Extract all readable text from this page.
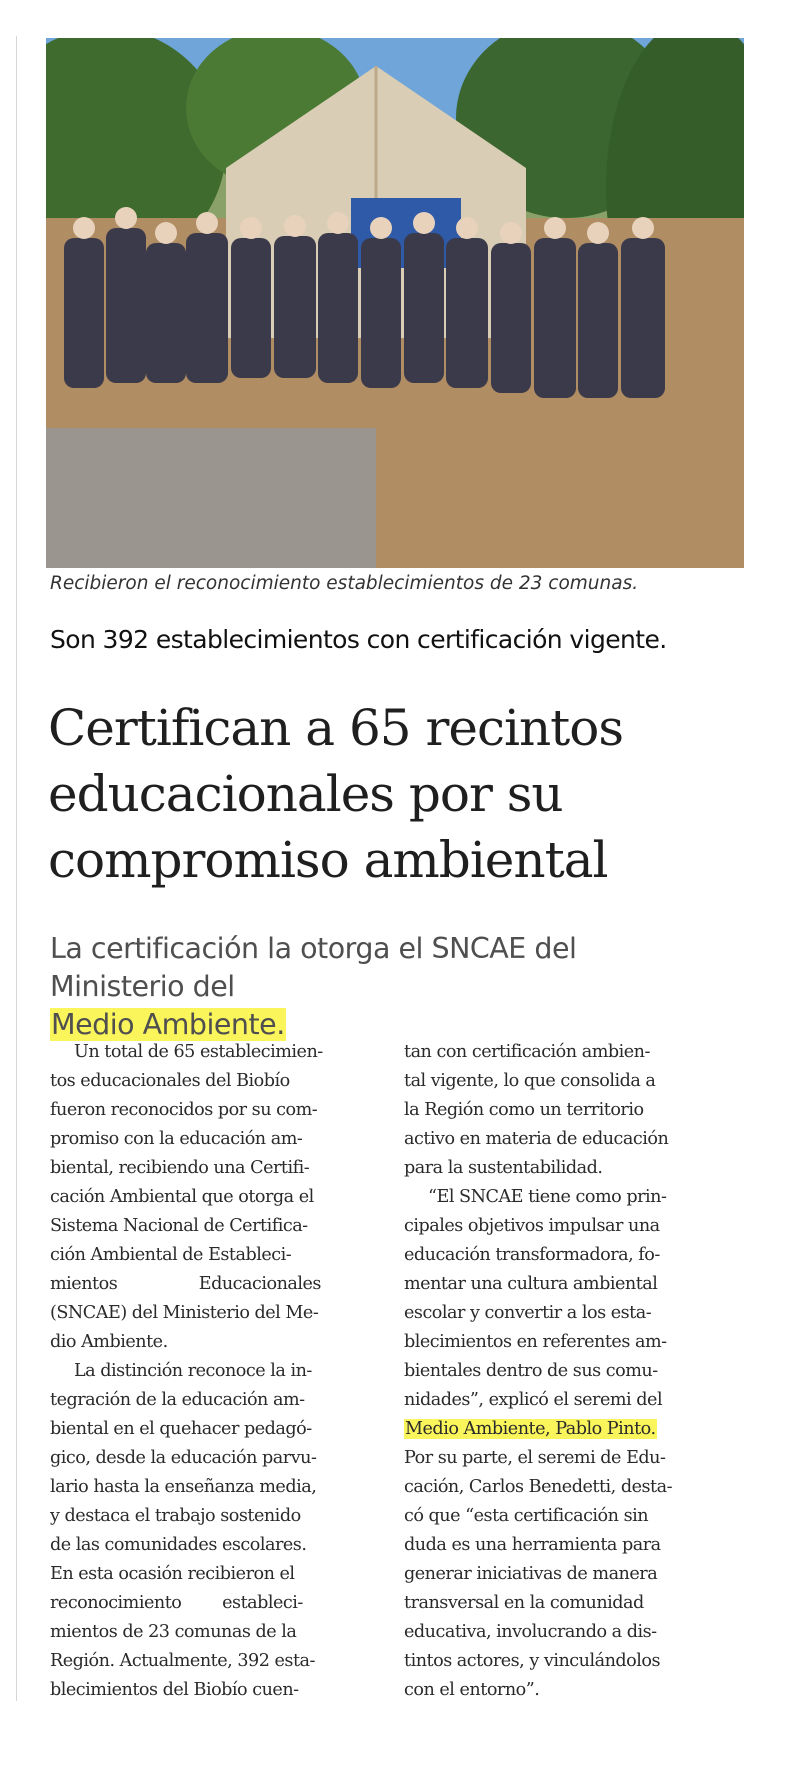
Recibieron el reconocimiento establecimientos de 23 comunas.
Son 392 establecimientos con certificación vigente.
Certifican a 65 recintos
educacionales por su
compromiso ambiental
La certificación la otorga el SNCAE del
Ministerio del
Medio Ambiente.
Un total de 65 establecimien-
tos educacionales del Biobío
fueron reconocidos por su com-
promiso con la educación am-
biental, recibiendo una Certifi-
cación Ambiental que otorga el
Sistema Nacional de Certifica-
ción Ambiental de Estableci-
mientos                Educacionales
(SNCAE) del Ministerio del Me-
dio Ambiente.
La distinción reconoce la in-
tegración de la educación am-
biental en el quehacer pedagó-
gico, desde la educación parvu-
lario hasta la enseñanza media,
y destaca el trabajo sostenido
de las comunidades escolares.
En esta ocasión recibieron el
reconocimiento        estableci-
mientos de 23 comunas de la
Región. Actualmente, 392 esta-
blecimientos del Biobío cuen-
tan con certificación ambien-
tal vigente, lo que consolida a
la Región como un territorio
activo en materia de educación
para la sustentabilidad.
“El SNCAE tiene como prin-
cipales objetivos impulsar una
educación transformadora, fo-
mentar una cultura ambiental
escolar y convertir a los esta-
blecimientos en referentes am-
bientales dentro de sus comu-
nidades”, explicó el seremi del
Medio Ambiente, Pablo Pinto.
Por su parte, el seremi de Edu-
cación, Carlos Benedetti, desta-
có que “esta certificación sin
duda es una herramienta para
generar iniciativas de manera
transversal en la comunidad
educativa, involucrando a dis-
tintos actores, y vinculándolos
con el entorno”.
